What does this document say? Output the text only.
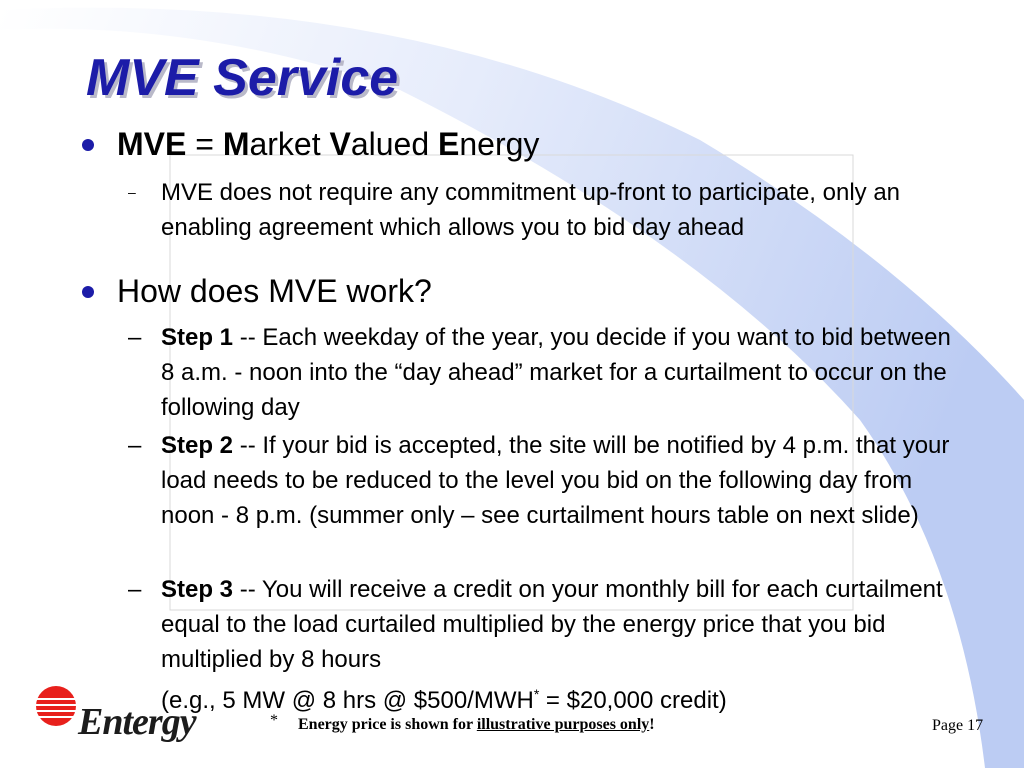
MVE Service
MVE = Market Valued Energy
– MVE does not require any commitment up-front to participate, only an enabling agreement which allows you to bid day ahead
How does MVE work?
– Step 1 -- Each weekday of the year, you decide if you want to bid between 8 a.m. - noon into the “day ahead” market for a curtailment to occur on the following day
– Step 2 -- If your bid is accepted, the site will be notified by 4 p.m. that your load needs to be reduced to the level you bid on the following day from noon - 8 p.m. (summer only – see curtailment hours table on next slide)
– Step 3 -- You will receive a credit on your monthly bill for each curtailment equal to the load curtailed multiplied by the energy price that you bid multiplied by 8 hours
(e.g., 5 MW @ 8 hrs @ $500/MWH* = $20,000 credit)
Entergy	* Energy price is shown for illustrative purposes only!	Page 17
